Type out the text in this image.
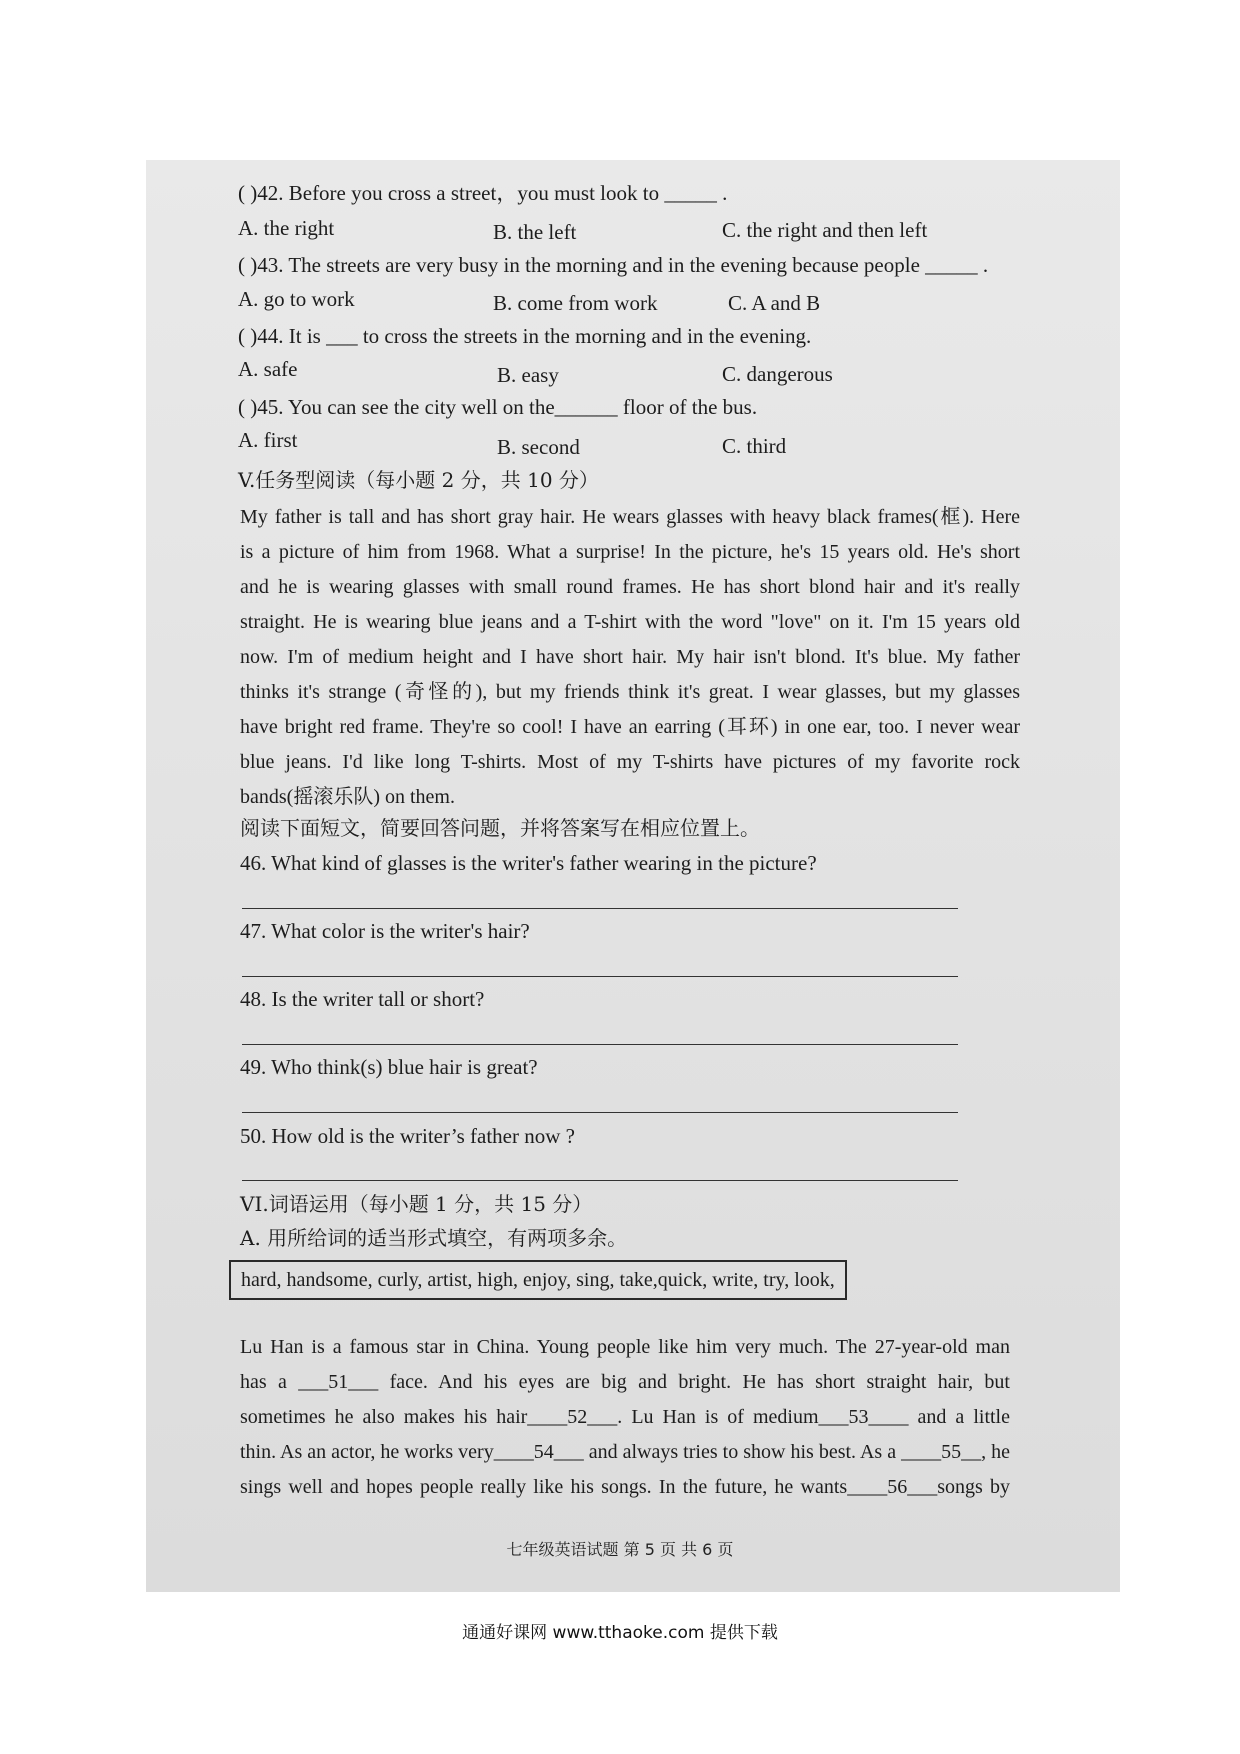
( )42. Before you cross a street，you must look to _____ .
A. the right	B. the left	C. the right and then left
( )43. The streets are very busy in the morning and in the evening because people _____ .
A. go to work	B. come from work	C. A and B
( )44. It is ___ to cross the streets in the morning and in the evening.
A. safe	B. easy	C. dangerous
( )45. You can see the city well on the______ floor of the bus.
A. first	B. second	C. third
V.任务型阅读（每小题 2 分，共 10 分）
My father is tall and has short gray hair. He wears glasses with heavy black frames(框). Here
is a picture of him from 1968. What a surprise! In the picture, he's 15 years old. He's short
and he is wearing glasses with small round frames. He has short blond hair and it's really
straight. He is wearing blue jeans and a T-shirt with the word "love" on it. I'm 15 years old
now. I'm of medium height and I have short hair. My hair isn't blond. It's blue. My father
thinks it's strange (奇怪的), but my friends think it's great. I wear glasses, but my glasses
have bright red frame. They're so cool! I have an earring (耳环) in one ear, too. I never wear
blue jeans. I'd like long T-shirts. Most of my T-shirts have pictures of my favorite rock
bands(摇滚乐队) on them.
阅读下面短文，简要回答问题，并将答案写在相应位置上。
46. What kind of glasses is the writer's father wearing in the picture?
47. What color is the writer's hair?
48. Is the writer tall or short?
49. Who think(s) blue hair is great?
50. How old is the writer’s father now ?
VI.词语运用（每小题 1 分，共 15 分）
A. 用所给词的适当形式填空，有两项多余。
hard, handsome, curly, artist, high, enjoy, sing, take,quick, write, try, look,
Lu Han is a famous star in China. Young people like him very much. The 27-year-old man
has a ___51___ face. And his eyes are big and bright. He has short straight hair, but
sometimes he also makes his hair____52___. Lu Han is of medium___53____ and a little
thin. As an actor, he works very____54___ and always tries to show his best. As a ____55__, he
sings well and hopes people really like his songs. In the future, he wants____56___songs by
七年级英语试题 第 5 页 共 6 页
通通好课网 www.tthaoke.com 提供下载
